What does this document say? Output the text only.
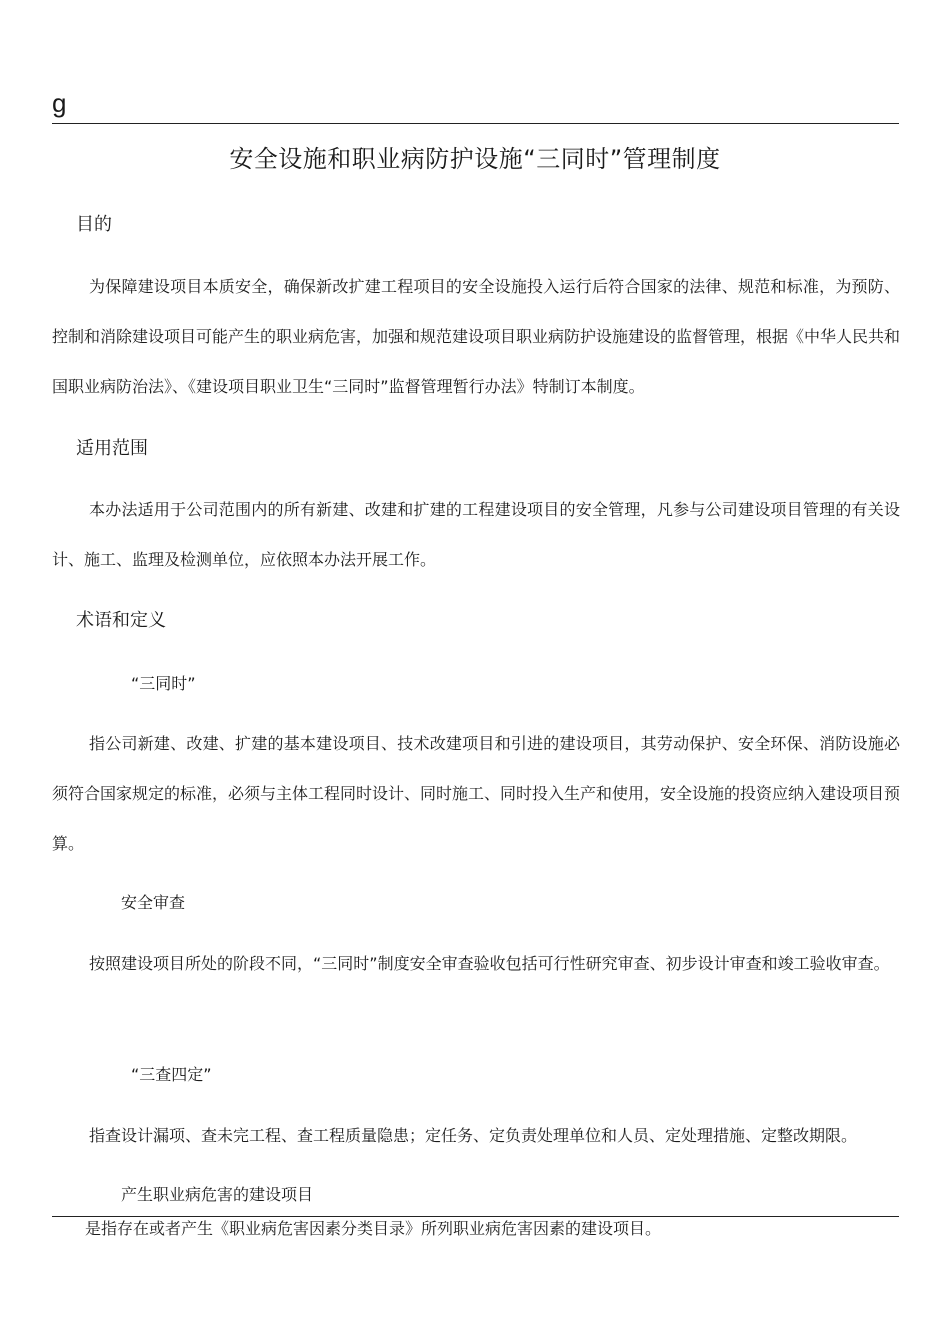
g
安全设施和职业病防护设施“三同时”管理制度
目的

为保障建设项目本质安全，确保新改扩建工程项目的安全设施投入运行后符合国家的法律、规范和标准，为预防、控制和消除建设项目可能产生的职业病危害，加强和规范建设项目职业病防护设施建设的监督管理，根据《中华人民共和国职业病防治法》、《建设项目职业卫生“三同时”监督管理暂行办法》特制订本制度。

适用范围

本办法适用于公司范围内的所有新建、改建和扩建的工程建设项目的安全管理，凡参与公司建设项目管理的有关设计、施工、监理及检测单位，应依照本办法开展工作。

术语和定义
“三同时”

指公司新建、改建、扩建的基本建设项目、技术改建项目和引进的建设项目，其劳动保护、安全环保、消防设施必须符合国家规定的标准，必须与主体工程同时设计、同时施工、同时投入生产和使用，安全设施的投资应纳入建设项目预算。

安全审查

按照建设项目所处的阶段不同，“三同时”制度安全审查验收包括可行性研究审查、初步设计审查和竣工验收审查。

“三查四定”

指查设计漏项、查未完工程、查工程质量隐患；定任务、定负责处理单位和人员、定处理措施、定整改期限。

产生职业病危害的建设项目

是指存在或者产生《职业病危害因素分类目录》所列职业病危害因素的建设项目。
